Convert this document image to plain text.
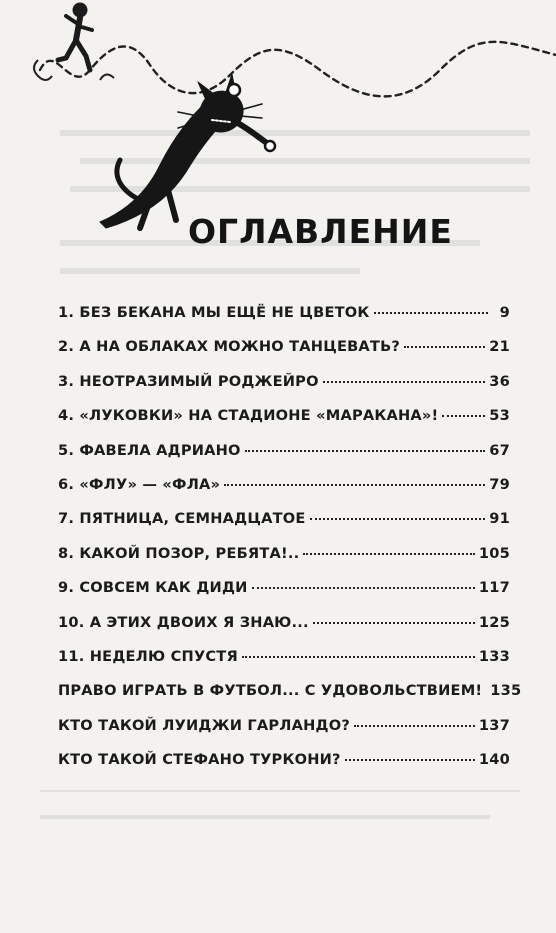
ОГЛАВЛЕНИЕ
1. БЕЗ БЕКАНА МЫ ЕЩЁ НЕ ЦВЕТОК	9
2. А НА ОБЛАКАХ МОЖНО ТАНЦЕВАТЬ?	21
3. НЕОТРАЗИМЫЙ РОДЖЕЙРО	36
4. «ЛУКОВКИ» НА СТАДИОНЕ «МАРАКАНА»!	53
5. ФАВЕЛА АДРИАНО	67
6. «ФЛУ» — «ФЛА»	79
7. ПЯТНИЦА, СЕМНАДЦАТОЕ	91
8. КАКОЙ ПОЗОР, РЕБЯТА!..	105
9. СОВСЕМ КАК ДИДИ	117
10. А ЭТИХ ДВОИХ Я ЗНАЮ...	125
11. НЕДЕЛЮ СПУСТЯ	133
ПРАВО ИГРАТЬ В ФУТБОЛ... С УДОВОЛЬСТВИЕМ! 135
КТО ТАКОЙ ЛУИДЖИ ГАРЛАНДО?	137
КТО ТАКОЙ СТЕФАНО ТУРКОНИ?	140
